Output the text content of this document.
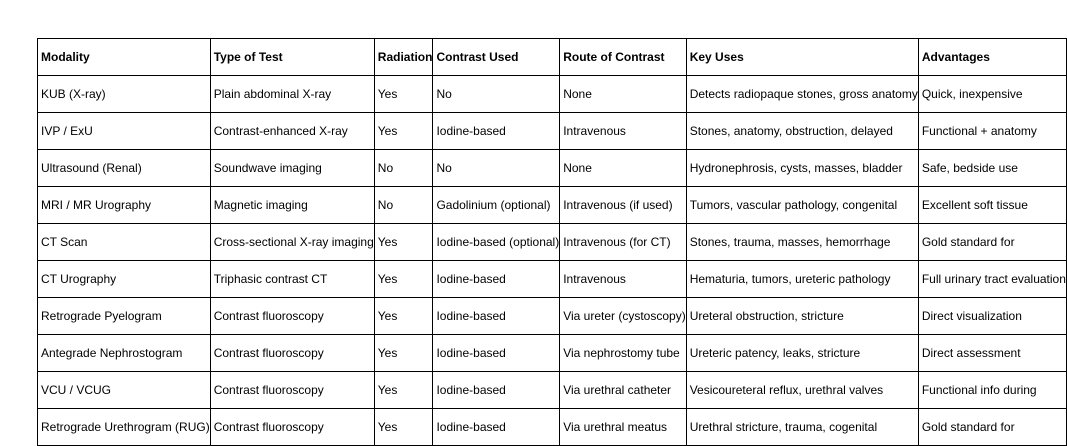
Modality	Type of Test	Radiation	Contrast Used	Route of Contrast	Key Uses	Advantages
KUB (X-ray)	Plain abdominal X-ray	Yes	No	None	Detects radiopaque stones, gross anatomy	Quick, inexpensive
IVP / ExU	Contrast-enhanced X-ray	Yes	Iodine-based	Intravenous	Stones, anatomy, obstruction, delayed	Functional + anatomy
Ultrasound (Renal)	Soundwave imaging	No	No	None	Hydronephrosis, cysts, masses, bladder	Safe, bedside use
MRI / MR Urography	Magnetic imaging	No	Gadolinium (optional)	Intravenous (if used)	Tumors, vascular pathology, congenital	Excellent soft tissue
CT Scan	Cross-sectional X-ray imaging	Yes	Iodine-based (optional)	Intravenous (for CT)	Stones, trauma, masses, hemorrhage	Gold standard for
CT Urography	Triphasic contrast CT	Yes	Iodine-based	Intravenous	Hematuria, tumors, ureteric pathology	Full urinary tract evaluation
Retrograde Pyelogram	Contrast fluoroscopy	Yes	Iodine-based	Via ureter (cystoscopy)	Ureteral obstruction, stricture	Direct visualization
Antegrade Nephrostogram	Contrast fluoroscopy	Yes	Iodine-based	Via nephrostomy tube	Ureteric patency, leaks, stricture	Direct assessment
VCU / VCUG	Contrast fluoroscopy	Yes	Iodine-based	Via urethral catheter	Vesicoureteral reflux, urethral valves	Functional info during
Retrograde Urethrogram (RUG)	Contrast fluoroscopy	Yes	Iodine-based	Via urethral meatus	Urethral stricture, trauma, cogenital	Gold standard for
